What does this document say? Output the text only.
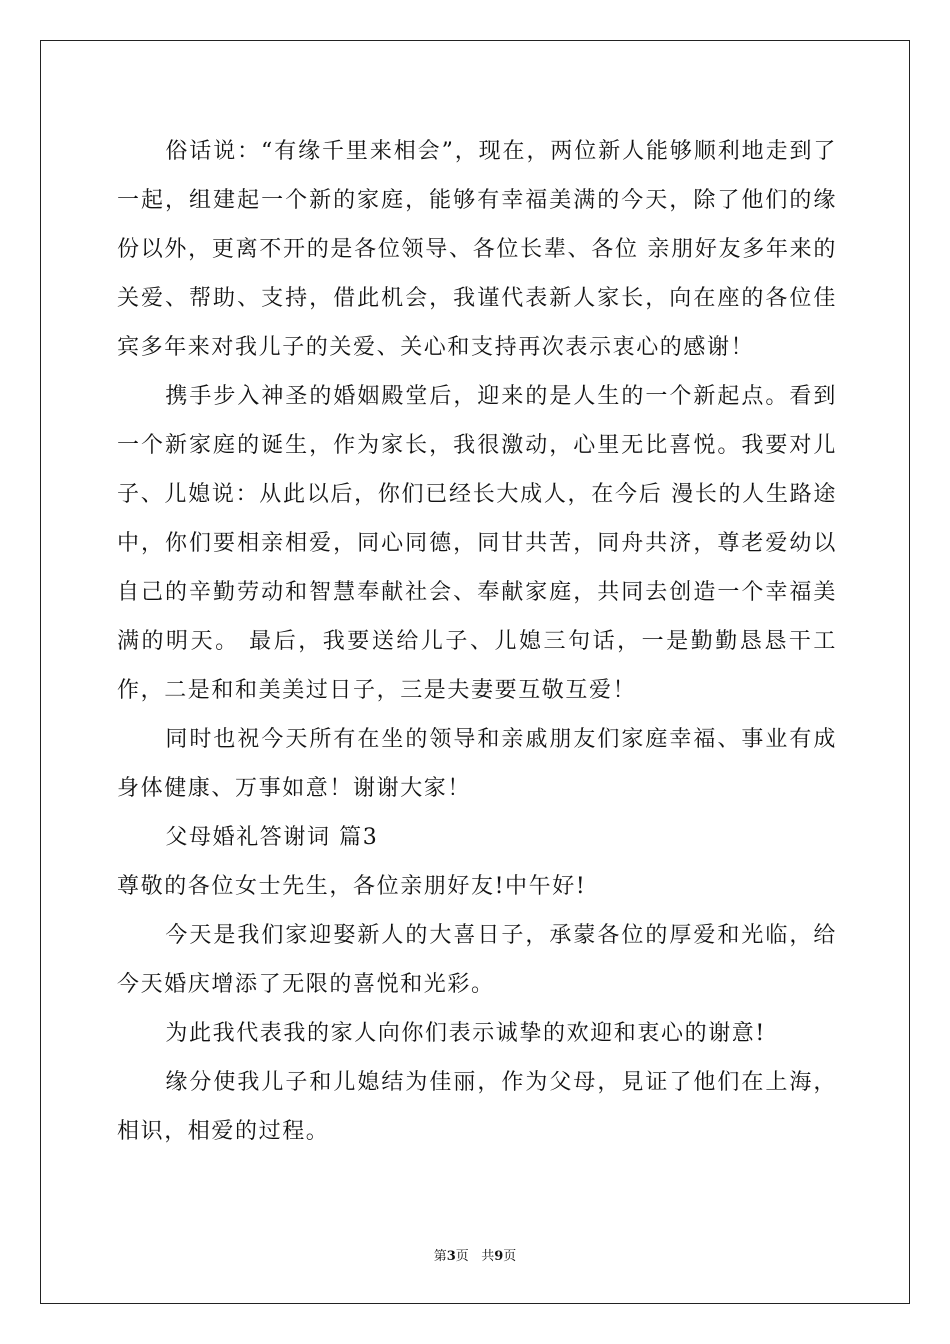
俗话说：“有缘千里来相会”，现在，两位新人能够顺利地走到了一起，组建起一个新的家庭，能够有幸福美满的今天，除了他们的缘份以外，更离不开的是各位领导、各位长辈、各位 亲朋好友多年来的关爱、帮助、支持，借此机会，我谨代表新人家长，向在座的各位佳宾多年来对我儿子的关爱、关心和支持再次表示衷心的感谢！

携手步入神圣的婚姻殿堂后，迎来的是人生的一个新起点。看到一个新家庭的诞生，作为家长，我很激动，心里无比喜悦。我要对儿子、儿媳说：从此以后，你们已经长大成人，在今后 漫长的人生路途中，你们要相亲相爱，同心同德，同甘共苦，同舟共济，尊老爱幼以自己的辛勤劳动和智慧奉献社会、奉献家庭，共同去创造一个幸福美满的明天。 最后，我要送给儿子、儿媳三句话，一是勤勤恳恳干工作，二是和和美美过日子，三是夫妻要互敬互爱！

同时也祝今天所有在坐的领导和亲戚朋友们家庭幸福、事业有成身体健康、万事如意！谢谢大家！

父母婚礼答谢词 篇3

尊敬的各位女士先生，各位亲朋好友!中午好!

今天是我们家迎娶新人的大喜日子，承蒙各位的厚爱和光临，给今天婚庆增添了无限的喜悦和光彩。

为此我代表我的家人向你们表示诚挚的欢迎和衷心的谢意!

缘分使我儿子和儿媳结为佳丽，作为父母，見证了他们在上海，相识，相爱的过程。

第3页 共9页
